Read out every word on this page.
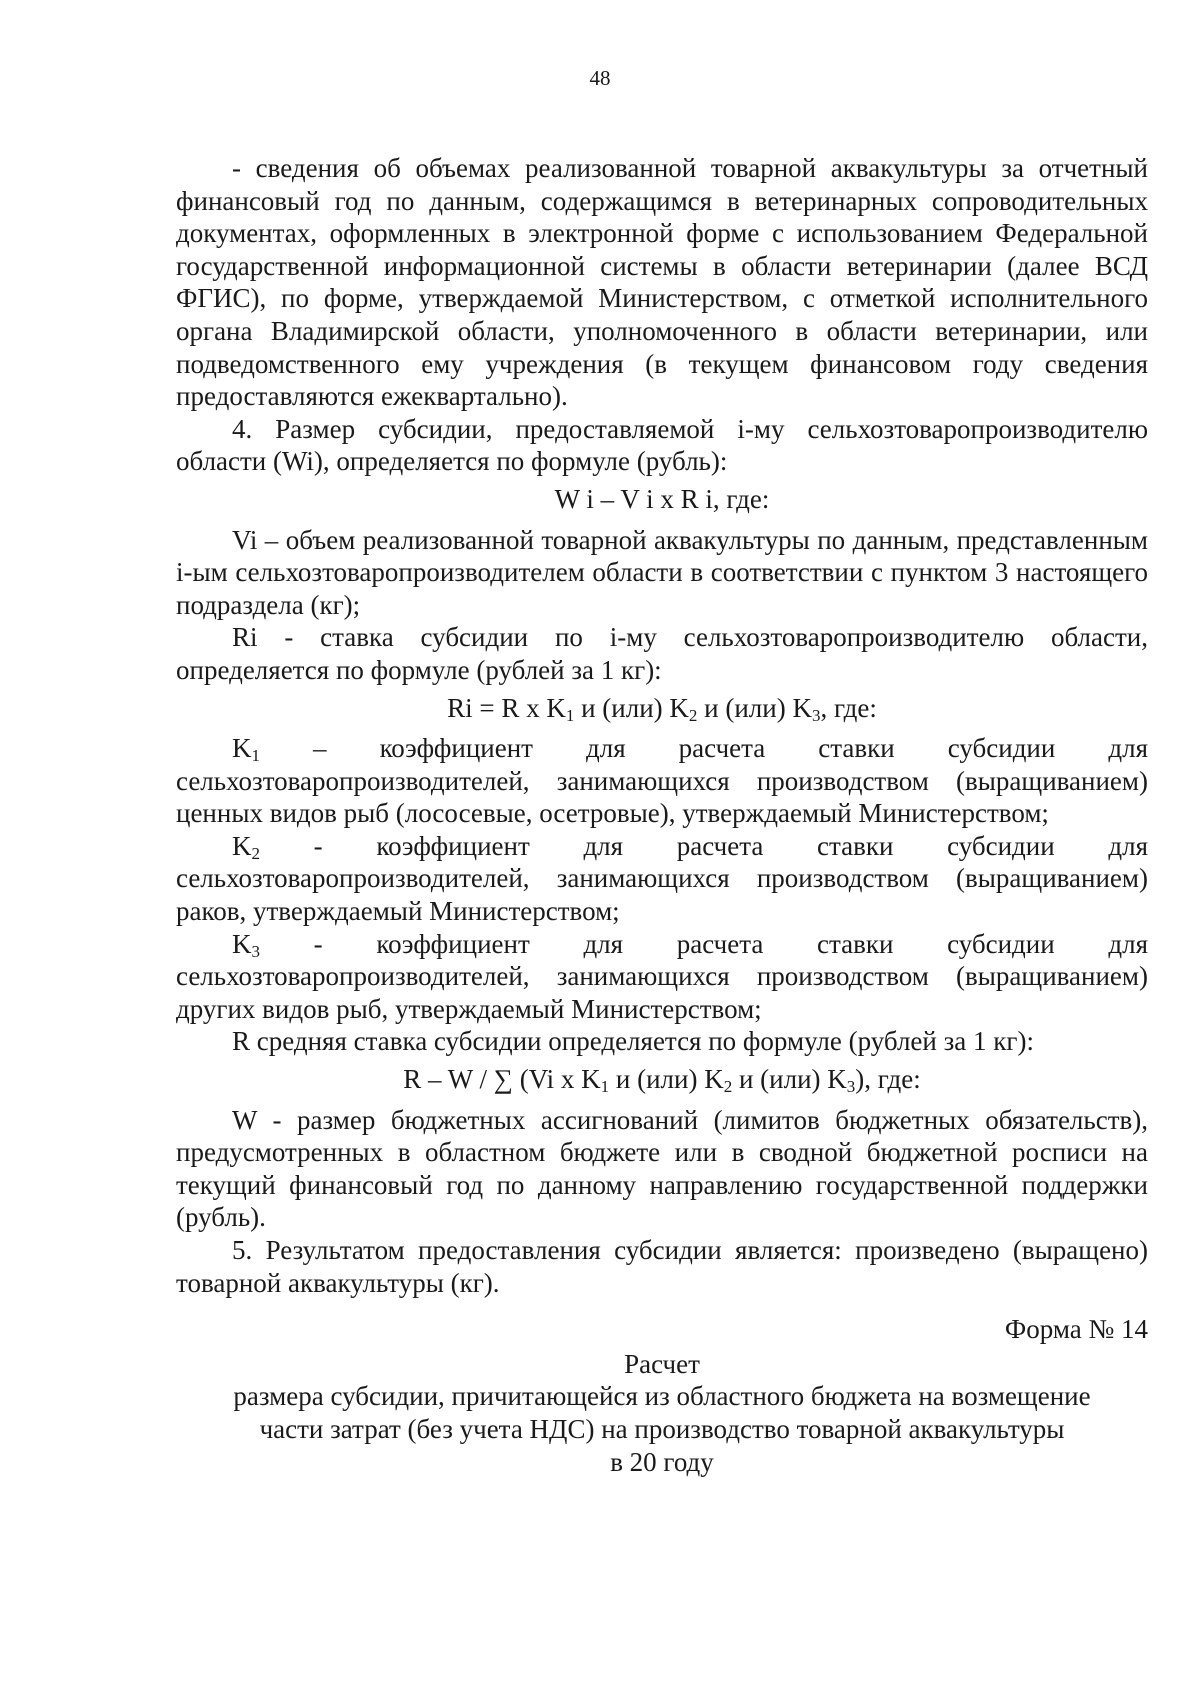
48

- сведения об объемах реализованной товарной аквакультуры за отчетный финансовый год по данным, содержащимся в ветеринарных сопроводительных документах, оформленных в электронной форме с использованием Федеральной государственной информационной системы в области ветеринарии (далее ВСД ФГИС), по форме, утверждаемой Министерством, с отметкой исполнительного органа Владимирской области, уполномоченного в области ветеринарии, или подведомственного ему учреждения (в текущем финансовом году сведения предоставляются ежеквартально).

4. Размер субсидии, предоставляемой i-му сельхозтоваропроизводителю области (Wi), определяется по формуле (рубль):

W i – V i x R i, где:

Vi – объем реализованной товарной аквакультуры по данным, представленным i-ым сельхозтоваропроизводителем области в соответствии с пунктом 3 настоящего подраздела (кг);

Ri - ставка субсидии по i-му сельхозтоваропроизводителю области, определяется по формуле (рублей за 1 кг):

Ri = R x $K_1$ и (или) $K_2$ и (или) $K_3$, где:

$K_1$ – коэффициент для расчета ставки субсидии для сельхозтоваропроизводителей, занимающихся производством (выращиванием) ценных видов рыб (лососевые, осетровые), утверждаемый Министерством;

$K_2$ - коэффициент для расчета ставки субсидии для сельхозтоваропроизводителей, занимающихся производством (выращиванием) раков, утверждаемый Министерством;

$K_3$ - коэффициент для расчета ставки субсидии для сельхозтоваропроизводителей, занимающихся производством (выращиванием) других видов рыб, утверждаемый Министерством;

R средняя ставка субсидии определяется по формуле (рублей за 1 кг):

R – W / ∑ (Vi x $K_1$ и (или) $K_2$ и (или) $K_3$), где:

W - размер бюджетных ассигнований (лимитов бюджетных обязательств), предусмотренных в областном бюджете или в сводной бюджетной росписи на текущий финансовый год по данному направлению государственной поддержки (рубль).

5. Результатом предоставления субсидии является: произведено (выращено) товарной аквакультуры (кг).

Форма № 14
Расчет
размера субсидии, причитающейся из областного бюджета на возмещение
части затрат (без учета НДС) на производство товарной аквакультуры
в 20 году
